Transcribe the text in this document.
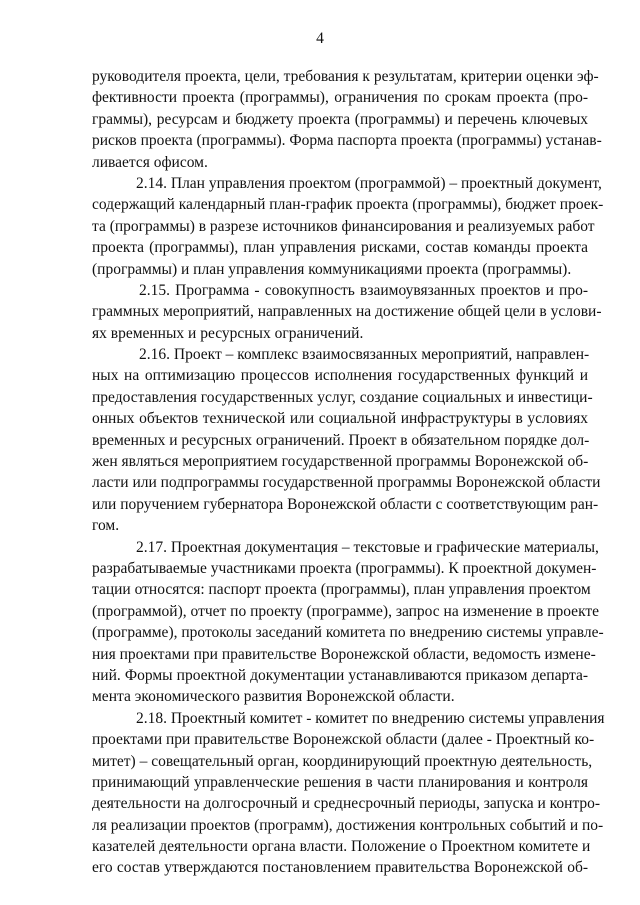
4
руководителя проекта, цели, требования к результатам, критерии оценки эф-
фективности проекта (программы), ограничения по срокам проекта (про-
граммы), ресурсам и бюджету проекта (программы) и перечень ключевых
рисков проекта (программы). Форма паспорта проекта (программы) устанав-
ливается офисом.
2.14. План управления проектом (программой) – проектный документ,
содержащий календарный план-график проекта (программы), бюджет проек-
та (программы) в разрезе источников финансирования и реализуемых работ
проекта (программы), план управления рисками, состав команды проекта
(программы) и план управления коммуникациями проекта (программы).
2.15. Программа - совокупность взаимоувязанных проектов и про-
граммных мероприятий, направленных на достижение общей цели в услови-
ях временных и ресурсных ограничений.
2.16. Проект – комплекс взаимосвязанных мероприятий, направлен-
ных на оптимизацию процессов исполнения государственных функций и
предоставления государственных услуг, создание социальных и инвестици-
онных объектов технической или социальной инфраструктуры в условиях
временных и ресурсных ограничений. Проект в обязательном порядке дол-
жен являться мероприятием государственной программы Воронежской об-
ласти или подпрограммы государственной программы Воронежской области
или поручением губернатора Воронежской области с соответствующим ран-
гом.
2.17. Проектная документация – текстовые и графические материалы,
разрабатываемые участниками проекта (программы). К проектной докумен-
тации относятся: паспорт проекта (программы), план управления проектом
(программой), отчет по проекту (программе), запрос на изменение в проекте
(программе), протоколы заседаний комитета по внедрению системы управле-
ния проектами при правительстве Воронежской области, ведомость измене-
ний. Формы проектной документации устанавливаются приказом департа-
мента экономического развития Воронежской области.
2.18. Проектный комитет - комитет по внедрению системы управления
проектами при правительстве Воронежской области (далее - Проектный ко-
митет) – совещательный орган, координирующий проектную деятельность,
принимающий управленческие решения в части планирования и контроля
деятельности на долгосрочный и среднесрочный периоды, запуска и контро-
ля реализации проектов (программ), достижения контрольных событий и по-
казателей деятельности органа власти. Положение о Проектном комитете и
его состав утверждаются постановлением правительства Воронежской об-
